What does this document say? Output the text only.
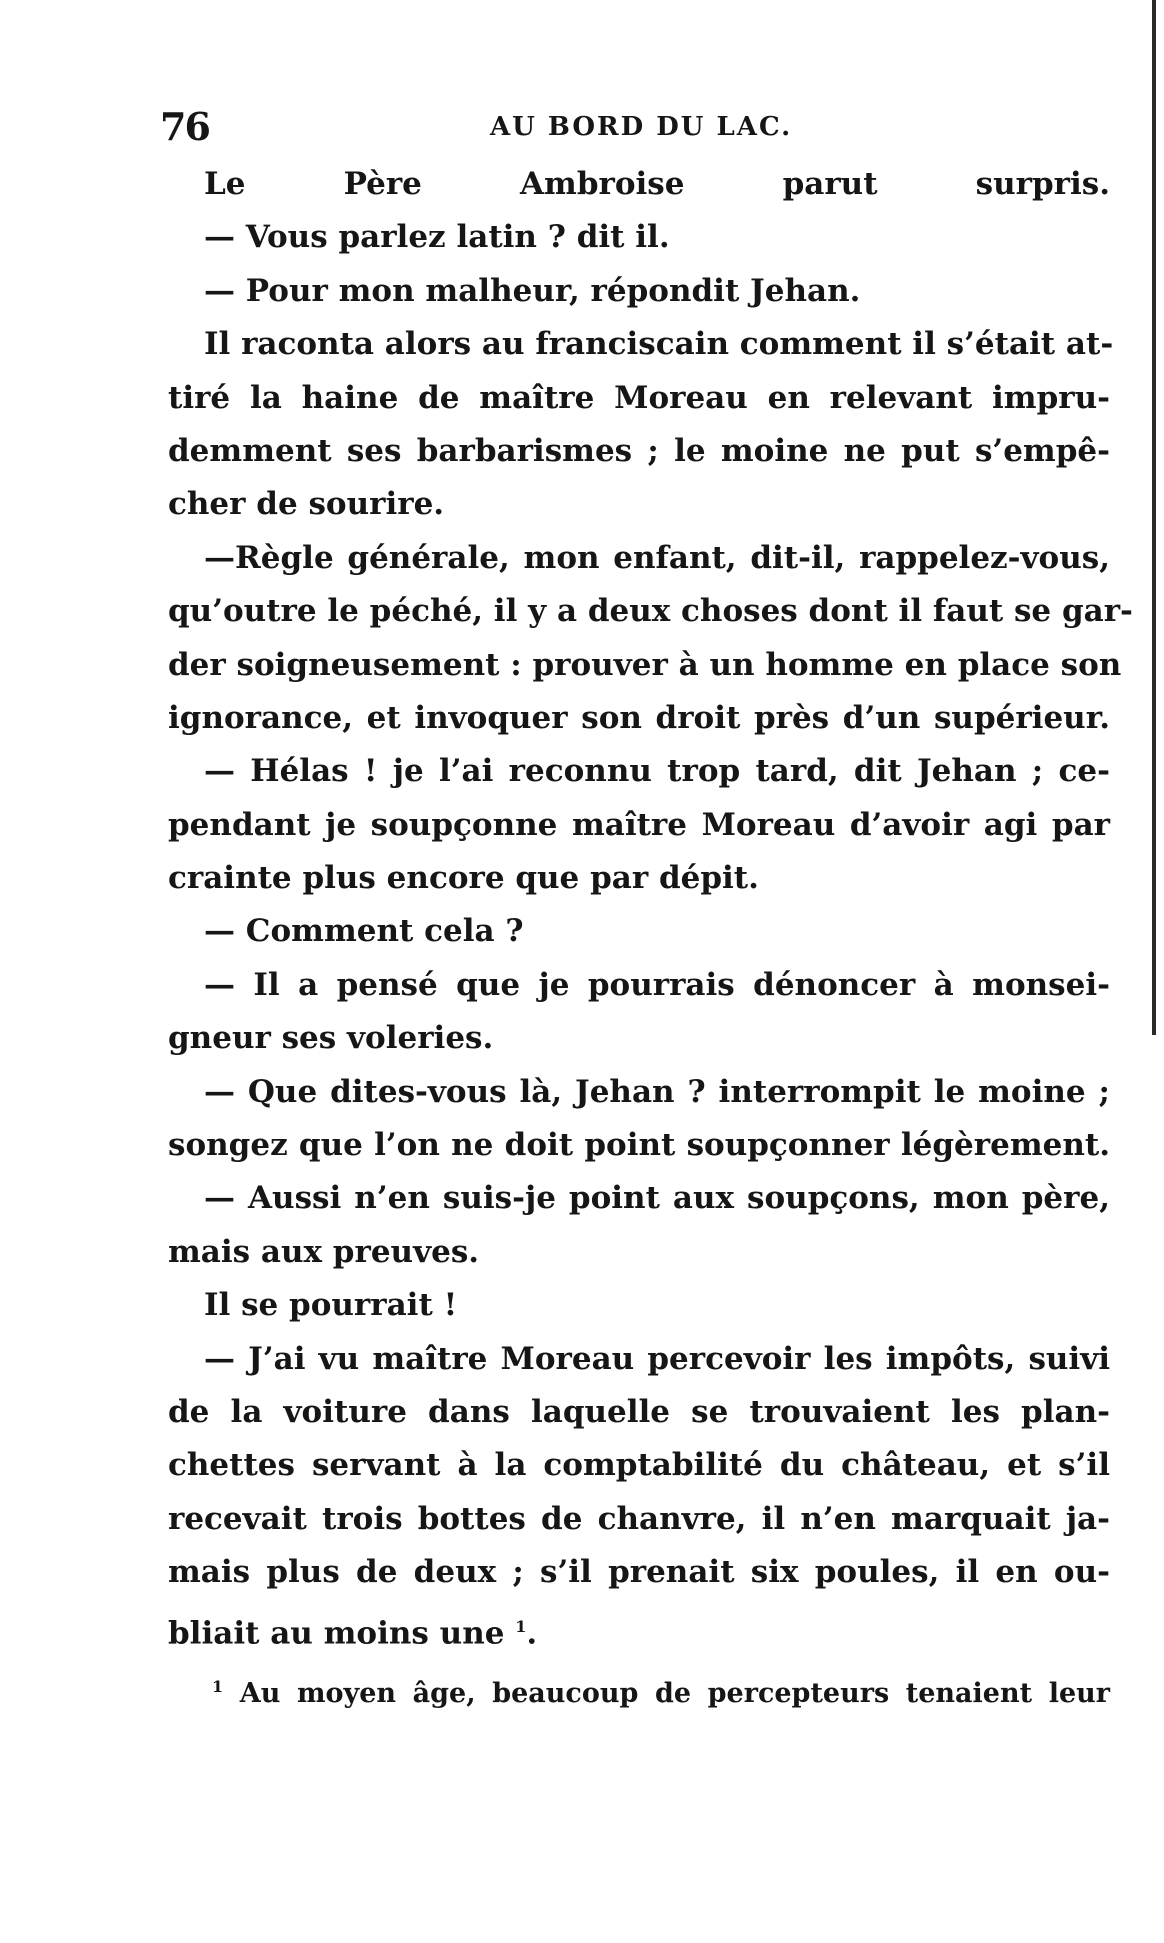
76	AU BORD DU LAC.
Le Père Ambroise parut surpris.
— Vous parlez latin ? dit il.
— Pour mon malheur, répondit Jehan.
Il raconta alors au franciscain comment il s’était at-
tiré la haine de maître Moreau en relevant impru-
demment ses barbarismes ; le moine ne put s’empê-
cher de sourire.
—Règle générale, mon enfant, dit-il, rappelez-vous,
qu’outre le péché, il y a deux choses dont il faut se gar-
der soigneusement : prouver à un homme en place son
ignorance, et invoquer son droit près d’un supérieur.
— Hélas ! je l’ai reconnu trop tard, dit Jehan ; ce-
pendant je soupçonne maître Moreau d’avoir agi par
crainte plus encore que par dépit.
— Comment cela ?
— Il a pensé que je pourrais dénoncer à monsei-
gneur ses voleries.
— Que dites-vous là, Jehan ? interrompit le moine ;
songez que l’on ne doit point soupçonner légèrement.
— Aussi n’en suis-je point aux soupçons, mon père,
mais aux preuves.
Il se pourrait !
— J’ai vu maître Moreau percevoir les impôts, suivi
de la voiture dans laquelle se trouvaient les plan-
chettes servant à la comptabilité du château, et s’il
recevait trois bottes de chanvre, il n’en marquait ja-
mais plus de deux ; s’il prenait six poules, il en ou-
bliait au moins une $^1$.
$^1$ Au moyen âge, beaucoup de percepteurs tenaient leur
